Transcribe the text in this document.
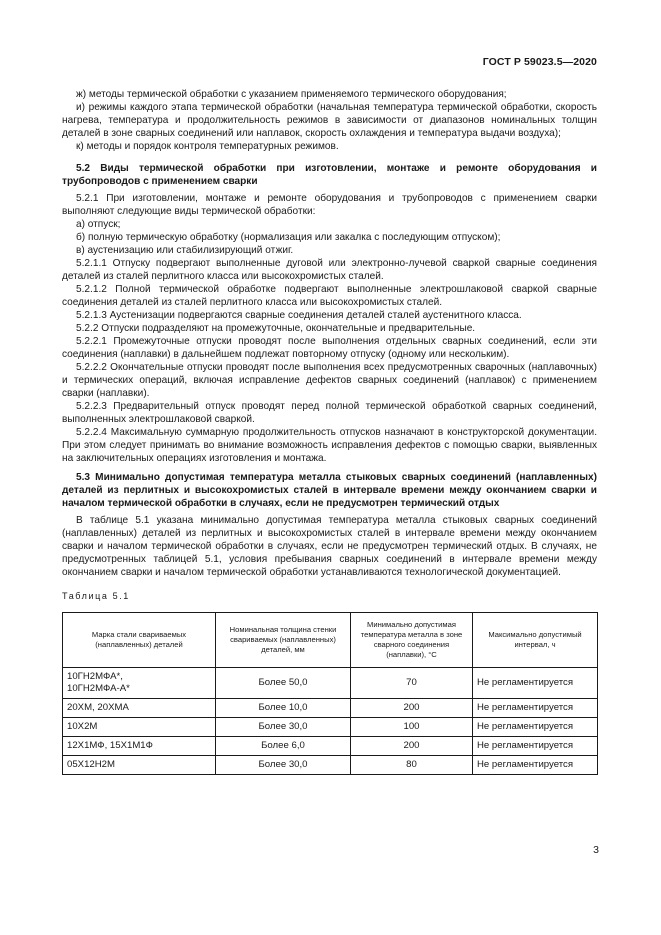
ГОСТ Р 59023.5—2020

ж) методы термической обработки с указанием применяемого термического оборудования;

и) режимы каждого этапа термической обработки (начальная температура термической обработки, скорость нагрева, температура и продолжительность режимов в зависимости от диапазонов номинальных толщин деталей в зоне сварных соединений или наплавок, скорость охлаждения и температура выдачи воздуха);

к) методы и порядок контроля температурных режимов.

5.2 Виды термической обработки при изготовлении, монтаже и ремонте оборудования и трубопроводов с применением сварки

5.2.1 При изготовлении, монтаже и ремонте оборудования и трубопроводов с применением сварки выполняют следующие виды термической обработки:

а) отпуск;

б) полную термическую обработку (нормализация или закалка с последующим отпуском);

в) аустенизацию или стабилизирующий отжиг.

5.2.1.1 Отпуску подвергают выполненные дуговой или электронно-лучевой сваркой сварные соединения деталей из сталей перлитного класса или высокохромистых сталей.

5.2.1.2 Полной термической обработке подвергают выполненные электрошлаковой сваркой сварные соединения деталей из сталей перлитного класса или высокохромистых сталей.

5.2.1.3 Аустенизации подвергаются сварные соединения деталей сталей аустенитного класса.

5.2.2 Отпуски подразделяют на промежуточные, окончательные и предварительные.

5.2.2.1 Промежуточные отпуски проводят после выполнения отдельных сварных соединений, если эти соединения (наплавки) в дальнейшем подлежат повторному отпуску (одному или нескольким).

5.2.2.2 Окончательные отпуски проводят после выполнения всех предусмотренных сварочных (наплавочных) и термических операций, включая исправление дефектов сварных соединений (наплавок) с применением сварки (наплавки).

5.2.2.3 Предварительный отпуск проводят перед полной термической обработкой сварных соединений, выполненных электрошлаковой сваркой.

5.2.2.4 Максимальную суммарную продолжительность отпусков назначают в конструкторской документации. При этом следует принимать во внимание возможность исправления дефектов с помощью сварки, выявленных на заключительных операциях изготовления и монтажа.

5.3 Минимально допустимая температура металла стыковых сварных соединений (наплавленных) деталей из перлитных и высокохромистых сталей в интервале времени между окончанием сварки и началом термической обработки в случаях, если не предусмотрен термический отдых

В таблице 5.1 указана минимально допустимая температура металла стыковых сварных соединений (наплавленных) деталей из перлитных и высокохромистых сталей в интервале времени между окончанием сварки и началом термической обработки в случаях, если не предусмотрен термический отдых. В случаях, не предусмотренных таблицей 5.1, условия пребывания сварных соединений в интервале времени между окончанием сварки и началом термической обработки устанавливаются технологической документацией.

Таблица 5.1

Марка стали свариваемых (наплавленных) деталей	Номинальная толщина стенки свариваемых (наплавленных) деталей, мм	Минимально допустимая температура металла в зоне сварного соединения (наплавки), °С	Максимально допустимый интервал, ч
10ГН2МФА*,
10ГН2МФА-А*	Более 50,0	70	Не регламентируется
20ХМ, 20ХМА	Более 10,0	200	Не регламентируется
10Х2М	Более 30,0	100	Не регламентируется
12Х1МФ, 15Х1М1Ф	Более 6,0	200	Не регламентируется
05Х12Н2М	Более 30,0	80	Не регламентируется
3
